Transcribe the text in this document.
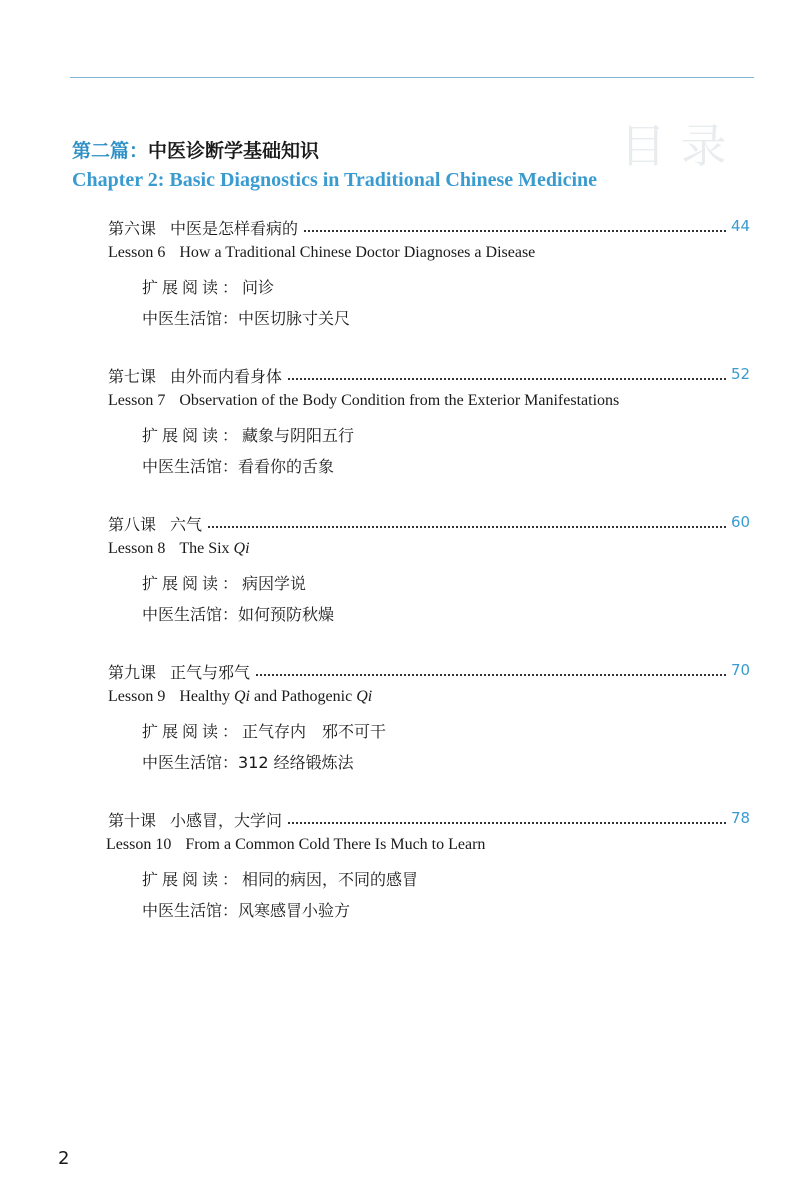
目 录
第二篇：中医诊断学基础知识
Chapter 2: Basic Diagnostics in Traditional Chinese Medicine
第六课 中医是怎样看病的	44
Lesson 6 How a Traditional Chinese Doctor Diagnoses a Disease
扩展阅读：问诊
中医生活馆：中医切脉寸关尺
第七课 由外而内看身体	52
Lesson 7 Observation of the Body Condition from the Exterior Manifestations
扩展阅读：藏象与阴阳五行
中医生活馆：看看你的舌象
第八课 六气	60
Lesson 8 The Six Qi
扩展阅读：病因学说
中医生活馆：如何预防秋燥
第九课 正气与邪气	70
Lesson 9 Healthy Qi and Pathogenic Qi
扩展阅读：正气存内　邪不可干
中医生活馆：312 经络锻炼法
第十课 小感冒，大学问	78
Lesson 10 From a Common Cold There Is Much to Learn
扩展阅读：相同的病因，不同的感冒
中医生活馆：风寒感冒小验方
2
